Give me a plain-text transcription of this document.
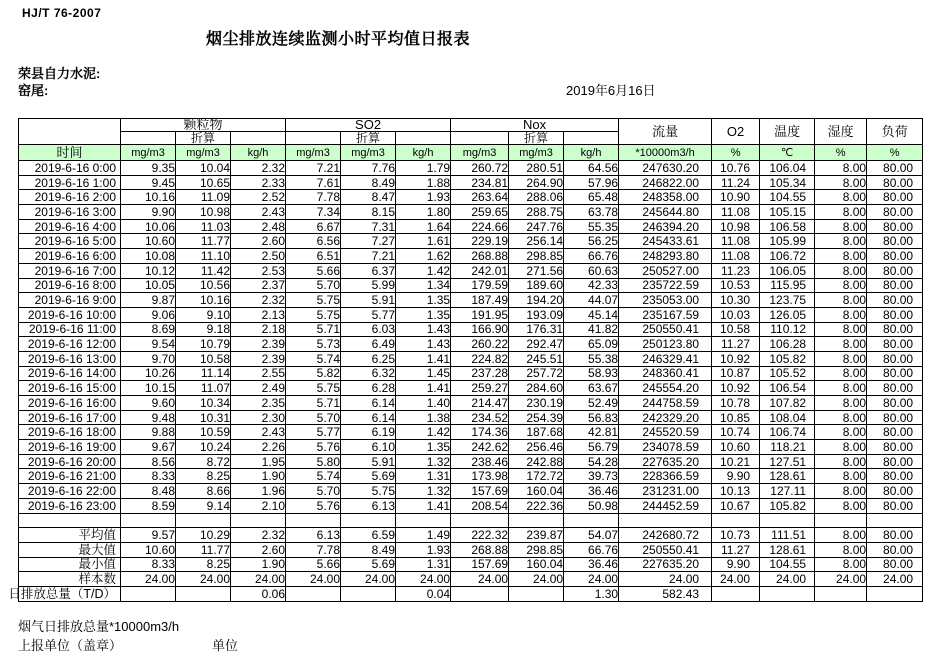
HJ/T 76-2007
烟尘排放连续监测小时平均值日报表
荣县自力水泥:
窑尾:	2019年6月16日
	颗粒物			SO2			Nox			流量	O2	温度	湿度	负荷
		折算			折算			折算						
时间	mg/m3	mg/m3	kg/h	mg/m3	mg/m3	kg/h	mg/m3	mg/m3	kg/h	*10000m3/h	%	℃	%	%

2019-6-16 0:00	9.35	10.04	2.32	7.21	7.76	1.79	260.72	280.51	64.56	247630.20	10.76	106.04	8.00	80.00

2019-6-16 1:00	9.45	10.65	2.33	7.61	8.49	1.88	234.81	264.90	57.96	246822.00	11.24	105.34	8.00	80.00

2019-6-16 2:00	10.16	11.09	2.52	7.78	8.47	1.93	263.64	288.06	65.48	248358.00	10.90	104.55	8.00	80.00

2019-6-16 3:00	9.90	10.98	2.43	7.34	8.15	1.80	259.65	288.75	63.78	245644.80	11.08	105.15	8.00	80.00

2019-6-16 4:00	10.06	11.03	2.48	6.67	7.31	1.64	224.66	247.76	55.35	246394.20	10.98	106.58	8.00	80.00

2019-6-16 5:00	10.60	11.77	2.60	6.56	7.27	1.61	229.19	256.14	56.25	245433.61	11.08	105.99	8.00	80.00

2019-6-16 6:00	10.08	11.10	2.50	6.51	7.21	1.62	268.88	298.85	66.76	248293.80	11.08	106.72	8.00	80.00

2019-6-16 7:00	10.12	11.42	2.53	5.66	6.37	1.42	242.01	271.56	60.63	250527.00	11.23	106.05	8.00	80.00

2019-6-16 8:00	10.05	10.56	2.37	5.70	5.99	1.34	179.59	189.60	42.33	235722.59	10.53	115.95	8.00	80.00

2019-6-16 9:00	9.87	10.16	2.32	5.75	5.91	1.35	187.49	194.20	44.07	235053.00	10.30	123.75	8.00	80.00

2019-6-16 10:00	9.06	9.10	2.13	5.75	5.77	1.35	191.95	193.09	45.14	235167.59	10.03	126.05	8.00	80.00

2019-6-16 11:00	8.69	9.18	2.18	5.71	6.03	1.43	166.90	176.31	41.82	250550.41	10.58	110.12	8.00	80.00

2019-6-16 12:00	9.54	10.79	2.39	5.73	6.49	1.43	260.22	292.47	65.09	250123.80	11.27	106.28	8.00	80.00

2019-6-16 13:00	9.70	10.58	2.39	5.74	6.25	1.41	224.82	245.51	55.38	246329.41	10.92	105.82	8.00	80.00

2019-6-16 14:00	10.26	11.14	2.55	5.82	6.32	1.45	237.28	257.72	58.93	248360.41	10.87	105.52	8.00	80.00

2019-6-16 15:00	10.15	11.07	2.49	5.75	6.28	1.41	259.27	284.60	63.67	245554.20	10.92	106.54	8.00	80.00

2019-6-16 16:00	9.60	10.34	2.35	5.71	6.14	1.40	214.47	230.19	52.49	244758.59	10.78	107.82	8.00	80.00

2019-6-16 17:00	9.48	10.31	2.30	5.70	6.14	1.38	234.52	254.39	56.83	242329.20	10.85	108.04	8.00	80.00

2019-6-16 18:00	9.88	10.59	2.43	5.77	6.19	1.42	174.36	187.68	42.81	245520.59	10.74	106.74	8.00	80.00

2019-6-16 19:00	9.67	10.24	2.26	5.76	6.10	1.35	242.62	256.46	56.79	234078.59	10.60	118.21	8.00	80.00

2019-6-16 20:00	8.56	8.72	1.95	5.80	5.91	1.32	238.46	242.88	54.28	227635.20	10.21	127.51	8.00	80.00

2019-6-16 21:00	8.33	8.25	1.90	5.74	5.69	1.31	173.98	172.72	39.73	228366.59	9.90	128.61	8.00	80.00

2019-6-16 22:00	8.48	8.66	1.96	5.70	5.75	1.32	157.69	160.04	36.46	231231.00	10.13	127.11	8.00	80.00

2019-6-16 23:00	8.59	9.14	2.10	5.76	6.13	1.41	208.54	222.36	50.98	244452.59	10.67	105.82	8.00	80.00

平均值	9.57	10.29	2.32	6.13	6.59	1.49	222.32	239.87	54.07	242680.72	10.73	111.51	8.00	80.00

最大值	10.60	11.77	2.60	7.78	8.49	1.93	268.88	298.85	66.76	250550.41	11.27	128.61	8.00	80.00

最小值	8.33	8.25	1.90	5.66	5.69	1.31	157.69	160.04	36.46	227635.20	9.90	104.55	8.00	80.00

样本数	24.00	24.00	24.00	24.00	24.00	24.00	24.00	24.00	24.00	24.00	24.00	24.00	24.00	24.00

日排放总量（T/D）			0.06			0.04			1.30	582.43				
烟气日排放总量*10000m3/h
上报单位（盖章）	单位
